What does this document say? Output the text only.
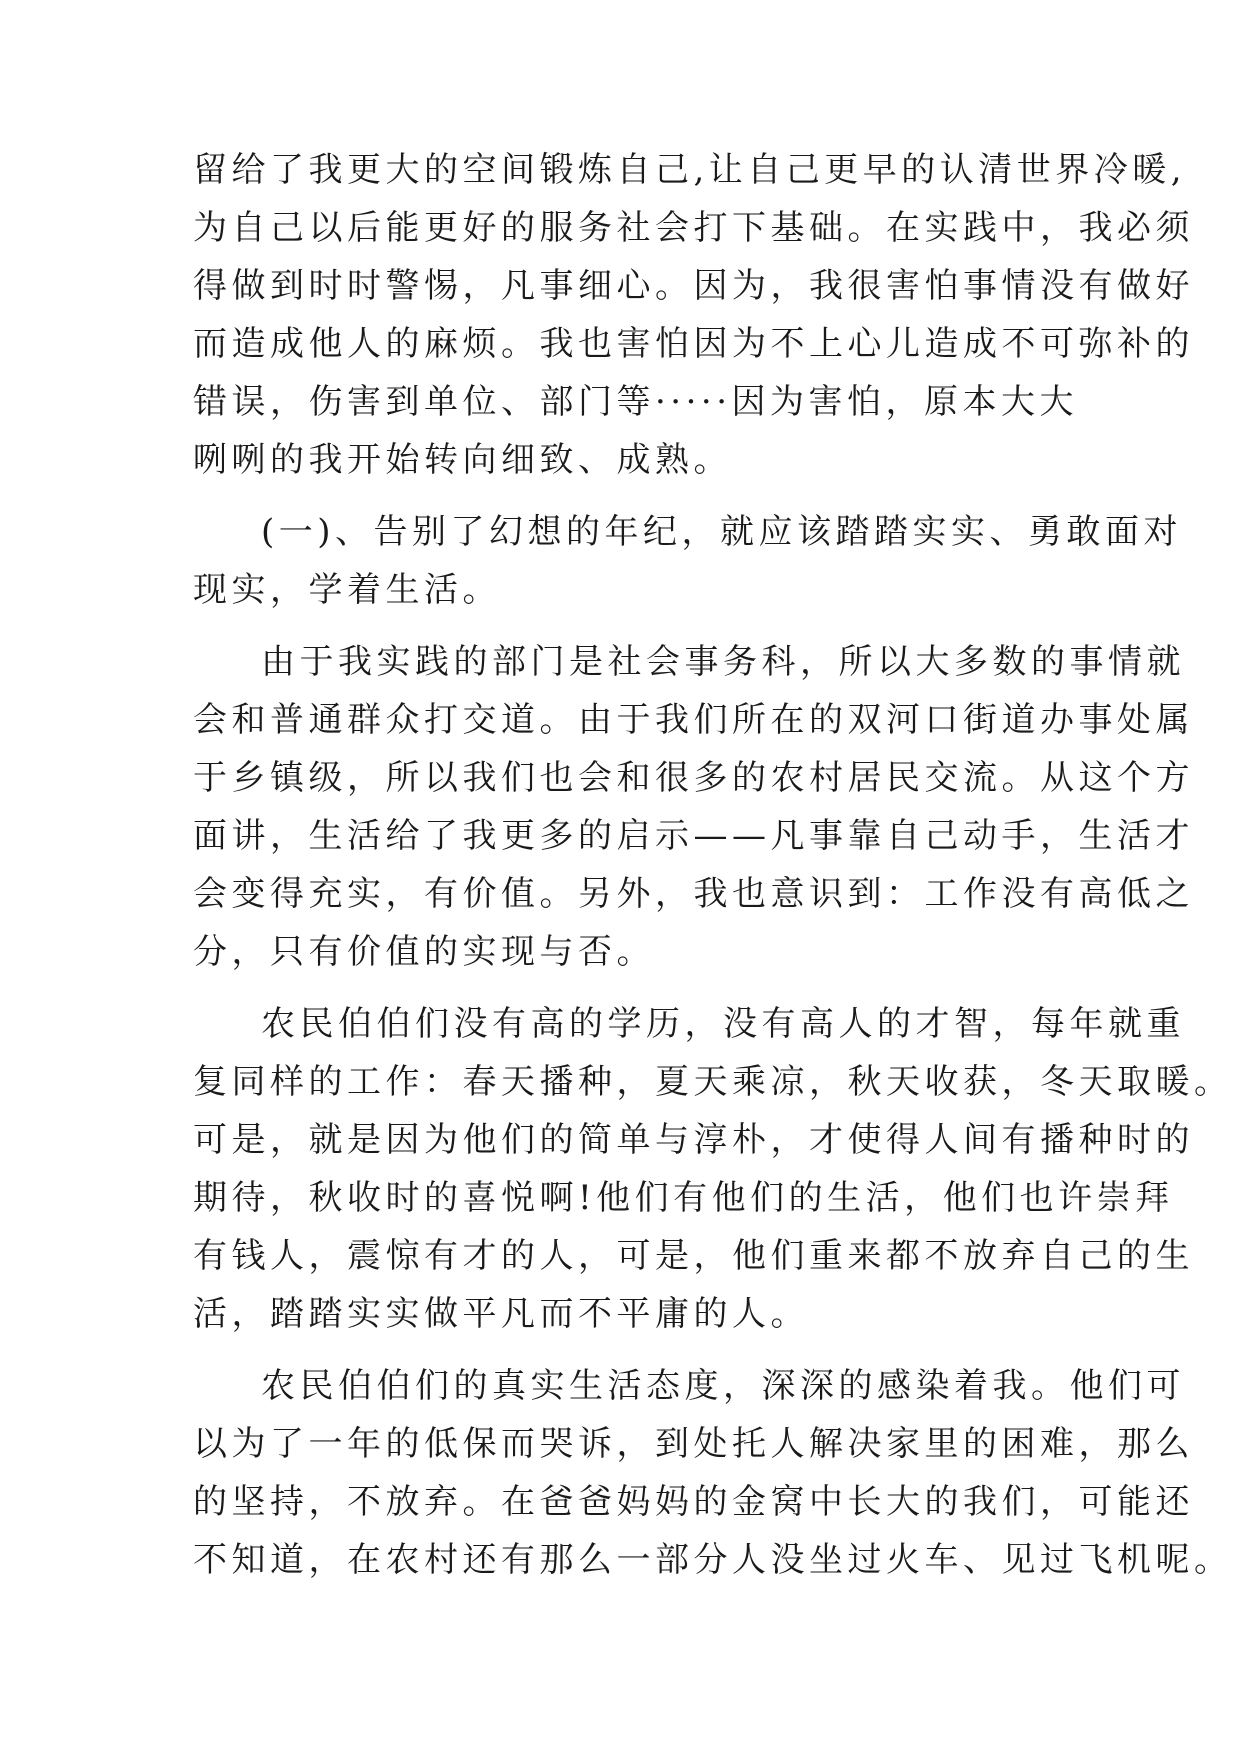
留给了我更大的空间锻炼自己,让自己更早的认清世界冷暖,
为自己以后能更好的服务社会打下基础。在实践中，我必须
得做到时时警惕，凡事细心。因为，我很害怕事情没有做好
而造成他人的麻烦。我也害怕因为不上心儿造成不可弥补的
错误，伤害到单位、部门等·····因为害怕，原本大大
咧咧的我开始转向细致、成熟。
(一)、告别了幻想的年纪，就应该踏踏实实、勇敢面对
现实，学着生活。
由于我实践的部门是社会事务科，所以大多数的事情就
会和普通群众打交道。由于我们所在的双河口街道办事处属
于乡镇级，所以我们也会和很多的农村居民交流。从这个方
面讲，生活给了我更多的启示——凡事靠自己动手，生活才
会变得充实，有价值。另外，我也意识到：工作没有高低之
分，只有价值的实现与否。
农民伯伯们没有高的学历，没有高人的才智，每年就重
复同样的工作：春天播种，夏天乘凉，秋天收获，冬天取暖。
可是，就是因为他们的简单与淳朴，才使得人间有播种时的
期待，秋收时的喜悦啊!他们有他们的生活，他们也许崇拜
有钱人，震惊有才的人，可是，他们重来都不放弃自己的生
活，踏踏实实做平凡而不平庸的人。
农民伯伯们的真实生活态度，深深的感染着我。他们可
以为了一年的低保而哭诉，到处托人解决家里的困难，那么
的坚持，不放弃。在爸爸妈妈的金窝中长大的我们，可能还
不知道，在农村还有那么一部分人没坐过火车、见过飞机呢。
